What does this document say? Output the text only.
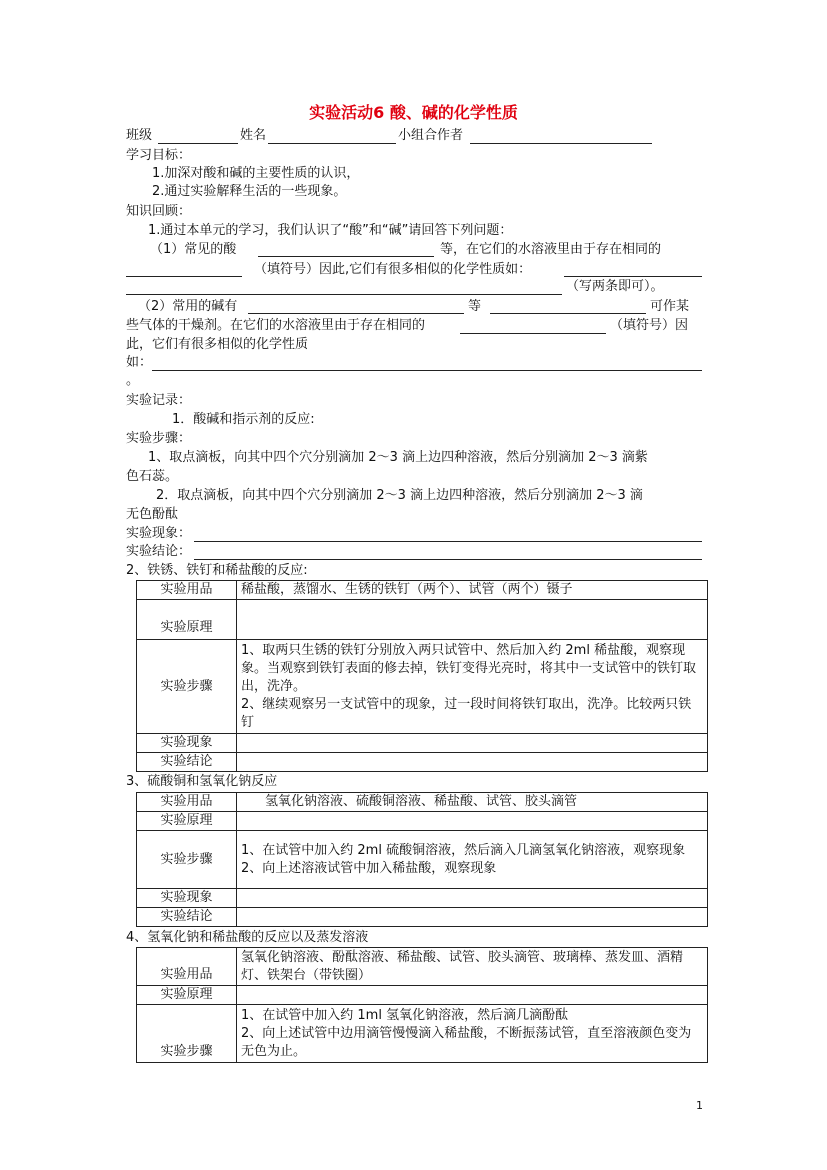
实验活动6 酸、碱的化学性质
班级	姓名	小组合作者
学习目标：
1.加深对酸和碱的主要性质的认识，
2.通过实验解释生活的一些现象。
知识回顾：
1.通过本单元的学习，我们认识了“酸”和“碱”请回答下列问题：
（1）常见的酸	等，在它们的水溶液里由于存在相同的
（填符号）因此,它们有很多相似的化学性质如：
（写两条即可）。
（2）常用的碱有	等	可作某
些气体的干燥剂。在它们的水溶液里由于存在相同的	（填符号）因
此，它们有很多相似的化学性质
如：
。
实验记录：
1．酸碱和指示剂的反应:
实验步骤：
1、取点滴板，向其中四个穴分别滴加 2～3 滴上边四种溶液，然后分别滴加 2～3 滴紫
色石蕊。
2．取点滴板，向其中四个穴分别滴加 2～3 滴上边四种溶液，然后分别滴加 2～3 滴
无色酚酞
实验现象：
实验结论：
2、铁锈、铁钉和稀盐酸的反应:
实验用品	稀盐酸，蒸馏水、生锈的铁钉（两个）、试管（两个）镊子
实验原理	
实验步骤	1、取两只生锈的铁钉分别放入两只试管中、然后加入约 2ml 稀盐酸，观察现象。当观察到铁钉表面的修去掉，铁钉变得光亮时，将其中一支试管中的铁钉取出，洗净。
2、继续观察另一支试管中的现象，过一段时间将铁钉取出，洗净。比较两只铁钉

实验现象	
实验结论	
3、硫酸铜和氢氧化钠反应
实验用品	氢氧化钠溶液、硫酸铜溶液、稀盐酸、试管、胶头滴管
实验原理	
实验步骤	1、在试管中加入约 2ml 硫酸铜溶液，然后滴入几滴氢氧化钠溶液，观察现象
2、向上述溶液试管中加入稀盐酸，观察现象

实验现象	
实验结论	
4、氢氧化钠和稀盐酸的反应以及蒸发溶液
实验用品	氢氧化钠溶液、酚酞溶液、稀盐酸、试管、胶头滴管、玻璃棒、蒸发皿、酒精灯、铁架台（带铁圈）
实验原理	
实验步骤	1、在试管中加入约 1ml 氢氧化钠溶液，然后滴几滴酚酞
2、向上述试管中边用滴管慢慢滴入稀盐酸，不断振荡试管，直至溶液颜色变为无色为止。
1
